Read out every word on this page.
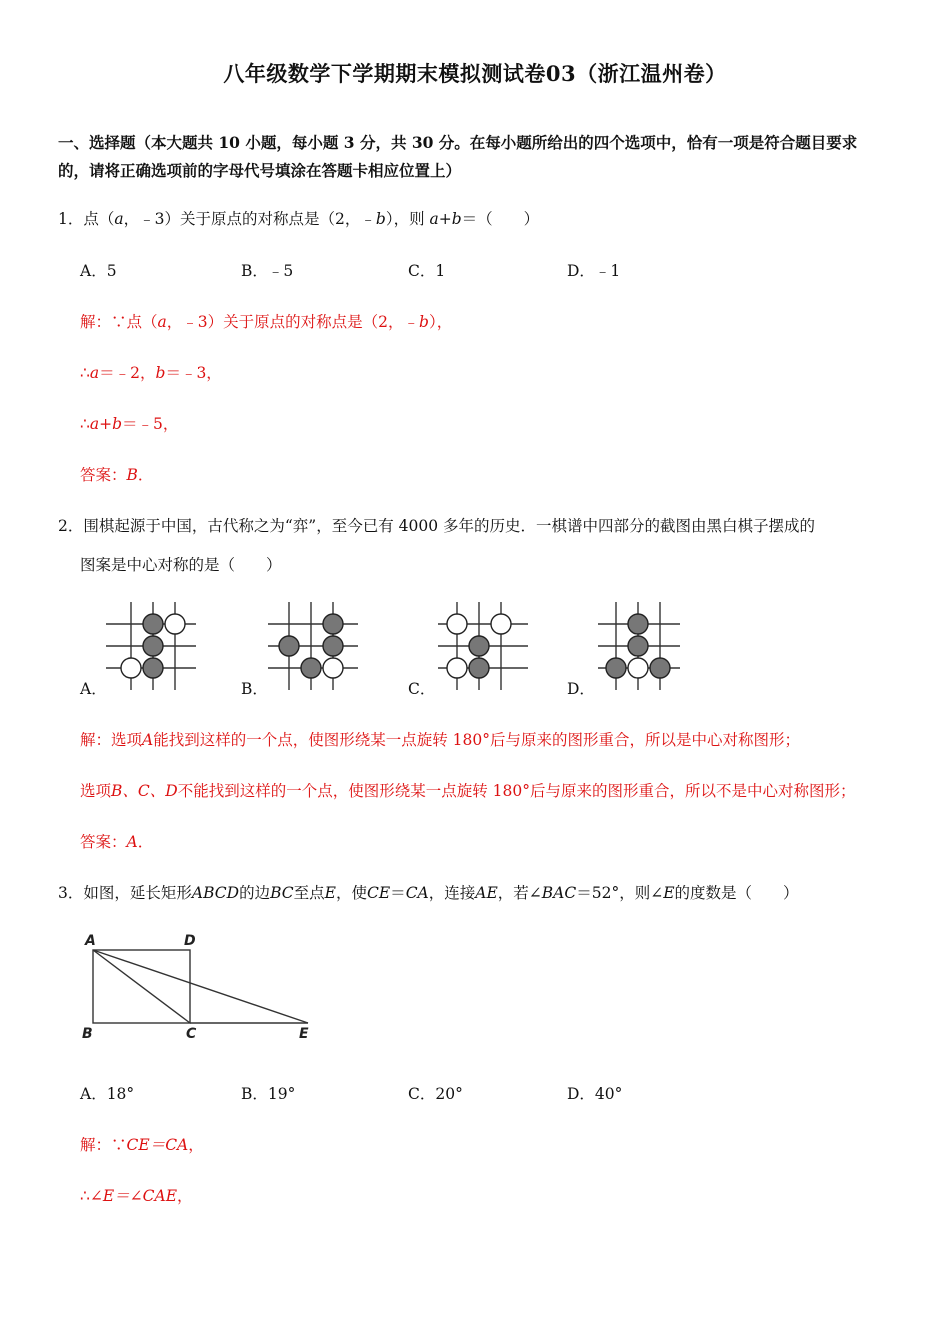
八年级数学下学期期末模拟测试卷03（浙江温州卷）
一、选择题（本大题共 10 小题，每小题 3 分，共 30 分。在每小题所给出的四个选项中，恰有一项是符合题目要求
的，请将正确选项前的字母代号填涂在答题卡相应位置上）
1．点（a，﹣3）关于原点的对称点是（2，﹣b），则 a+b＝（　　）
A．5	B．﹣5	C．1	D．﹣1
解：∵点（a，﹣3）关于原点的对称点是（2，﹣b），
∴a＝﹣2，b＝﹣3，
∴a+b＝﹣5，
答案：B．
2．围棋起源于中国，古代称之为“弈”，至今已有 4000 多年的历史．一棋谱中四部分的截图由黑白棋子摆成的
图案是中心对称的是（　　）
A．	B．	C．	D．
解：选项A能找到这样的一个点，使图形绕某一点旋转 180°后与原来的图形重合，所以是中心对称图形；
选项B、C、D不能找到这样的一个点，使图形绕某一点旋转 180°后与原来的图形重合，所以不是中心对称图形；
答案：A．
3．如图，延长矩形ABCD的边BC至点E，使CE＝CA，连接AE，若∠BAC＝52°，则∠E的度数是（　　）
A	D
B	C	E
A．18°	B．19°	C．20°	D．40°
解：∵CE＝CA，
∴∠E＝∠CAE，
